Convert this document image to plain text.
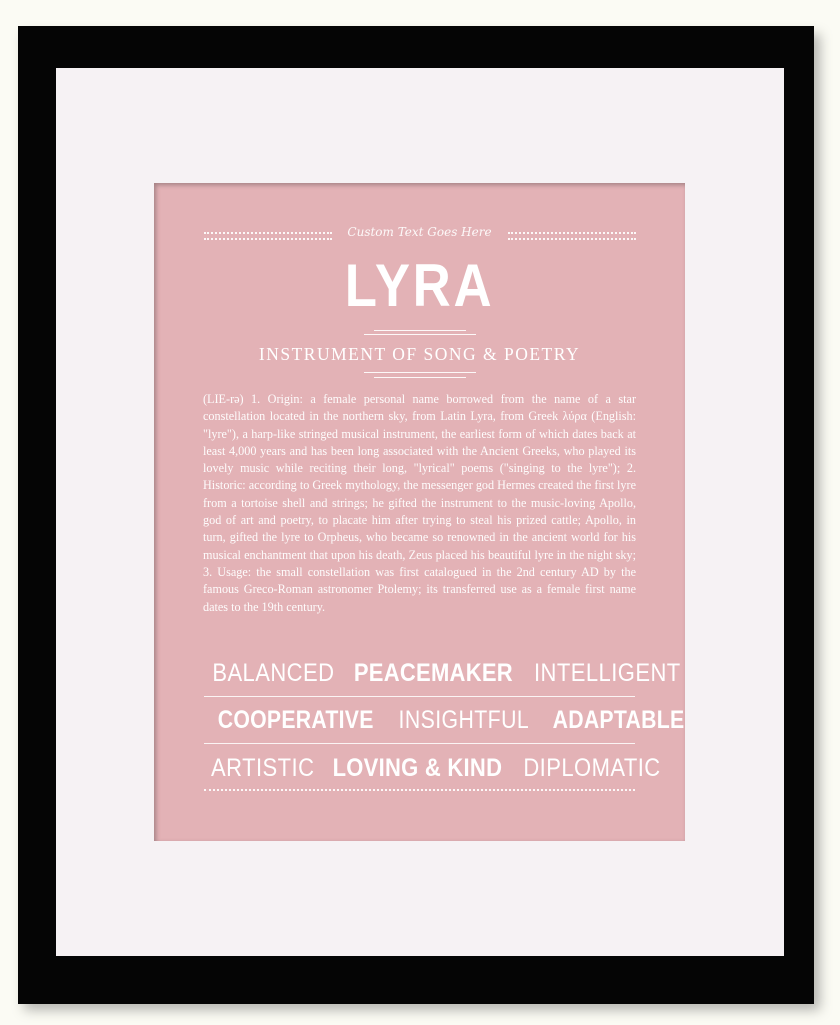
Custom Text Goes Here
LYRA
INSTRUMENT OF SONG & POETRY
(LIE-rə) 1. Origin: a female personal name borrowed from the name of a star constellation located in the northern sky, from Latin Lyra, from Greek λύρα (English: "lyre"), a harp-like stringed musical instrument, the earliest form of which dates back at least 4,000 years and has been long associated with the Ancient Greeks, who played its lovely music while reciting their long, "lyrical" poems ("singing to the lyre"); 2. Historic: according to Greek mythology, the messenger god Hermes created the first lyre from a tortoise shell and strings; he gifted the instrument to the music-loving Apollo, god of art and poetry, to placate him after trying to steal his prized cattle; Apollo, in turn, gifted the lyre to Orpheus, who became so renowned in the ancient world for his musical enchantment that upon his death, Zeus placed his beautiful lyre in the night sky; 3. Usage: the small constellation was first catalogued in the 2nd century AD by the famous Greco-Roman astronomer Ptolemy; its transferred use as a female first name dates to the 19th century.
BALANCED PEACEMAKER INTELLIGENT
COOPERATIVE INSIGHTFUL ADAPTABLE
ARTISTIC LOVING & KIND DIPLOMATIC
